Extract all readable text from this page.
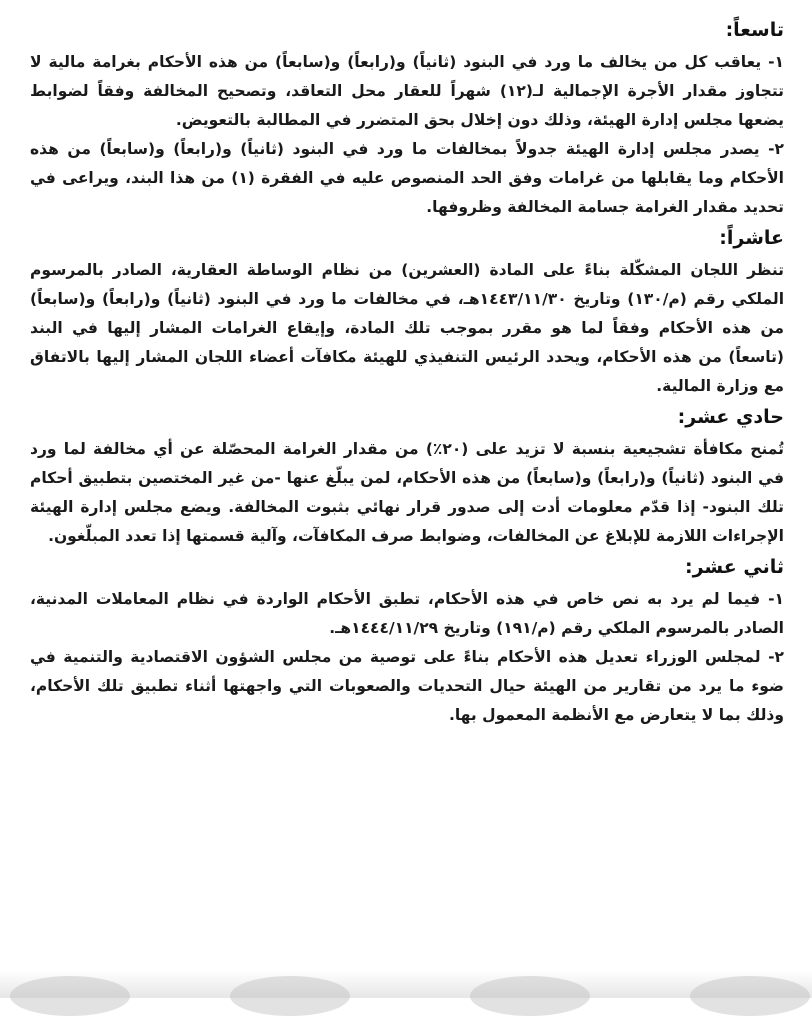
تاسعاً:

١- يعاقب كل من يخالف ما ورد في البنود (ثانياً) و(رابعاً) و(سابعاً) من هذه الأحكام بغرامة مالية لا تتجاوز مقدار الأجرة الإجمالية لـ(١٢) شهراً للعقار محل التعاقد، وتصحيح المخالفة وفقاً لضوابط يضعها مجلس إدارة الهيئة، وذلك دون إخلال بحق المتضرر في المطالبة بالتعويض.

٢- يصدر مجلس إدارة الهيئة جدولاً بمخالفات ما ورد في البنود (ثانياً) و(رابعاً) و(سابعاً) من هذه الأحكام وما يقابلها من غرامات وفق الحد المنصوص عليه في الفقرة (١) من هذا البند، ويراعى في تحديد مقدار الغرامة جسامة المخالفة وظروفها.

عاشراً:

تنظر اللجان المشكّلة بناءً على المادة (العشرين) من نظام الوساطة العقارية، الصادر بالمرسوم الملكي رقم (م/١٣٠) وتاريخ ١٤٤٣/١١/٣٠هـ، في مخالفات ما ورد في البنود (ثانياً) و(رابعاً) و(سابعاً) من هذه الأحكام وفقاً لما هو مقرر بموجب تلك المادة، وإيقاع الغرامات المشار إليها في البند (تاسعاً) من هذه الأحكام، ويحدد الرئيس التنفيذي للهيئة مكافآت أعضاء اللجان المشار إليها بالاتفاق مع وزارة المالية.

حادي عشر:

تُمنح مكافأة تشجيعية بنسبة لا تزيد على (٢٠٪) من مقدار الغرامة المحصّلة عن أي مخالفة لما ورد في البنود (ثانياً) و(رابعاً) و(سابعاً) من هذه الأحكام، لمن يبلّغ عنها -من غير المختصين بتطبيق أحكام تلك البنود- إذا قدّم معلومات أدت إلى صدور قرار نهائي بثبوت المخالفة. ويضع مجلس إدارة الهيئة الإجراءات اللازمة للإبلاغ عن المخالفات، وضوابط صرف المكافآت، وآلية قسمتها إذا تعدد المبلّغون.

ثاني عشر:

١- فيما لم يرد به نص خاص في هذه الأحكام، تطبق الأحكام الواردة في نظام المعاملات المدنية، الصادر بالمرسوم الملكي رقم (م/١٩١) وتاريخ ١٤٤٤/١١/٢٩هـ.

٢- لمجلس الوزراء تعديل هذه الأحكام بناءً على توصية من مجلس الشؤون الاقتصادية والتنمية في ضوء ما يرد من تقارير من الهيئة حيال التحديات والصعوبات التي واجهتها أثناء تطبيق تلك الأحكام، وذلك بما لا يتعارض مع الأنظمة المعمول بها.
